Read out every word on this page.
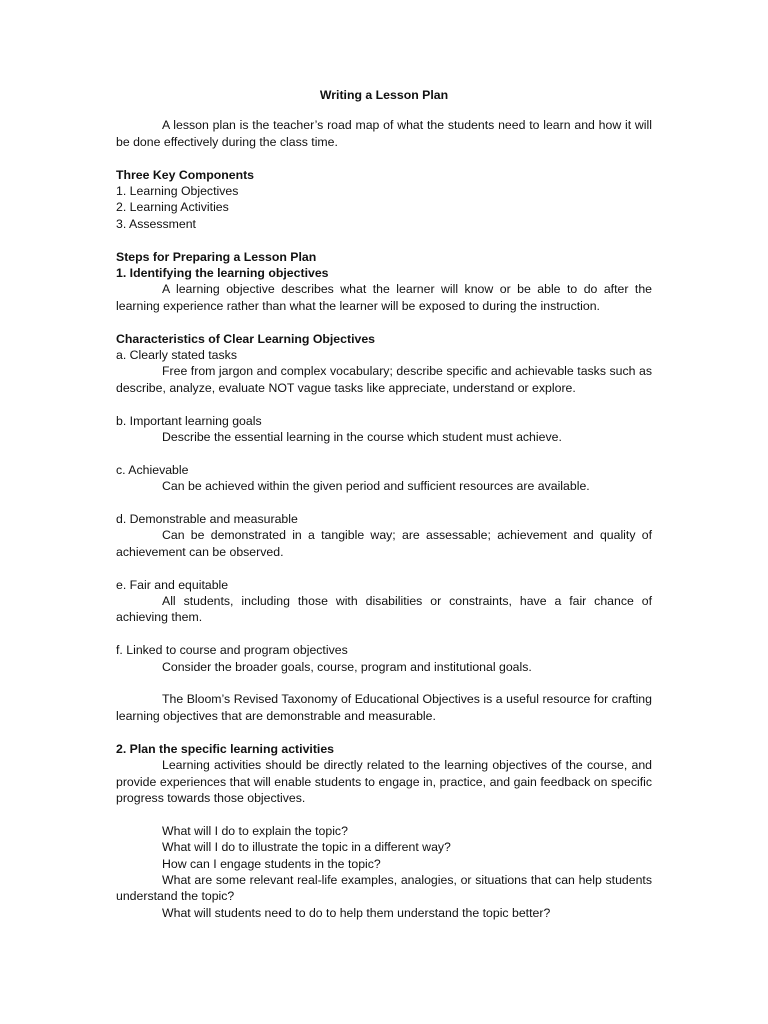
Writing a Lesson Plan

A lesson plan is the teacher’s road map of what the students need to learn and how it will be done effectively during the class time.

Three Key Components

1. Learning Objectives

2. Learning Activities

3. Assessment

Steps for Preparing a Lesson Plan

1. Identifying the learning objectives

A learning objective describes what the learner will know or be able to do after the learning experience rather than what the learner will be exposed to during the instruction.

Characteristics of Clear Learning Objectives

a. Clearly stated tasks

Free from jargon and complex vocabulary; describe specific and achievable tasks such as describe, analyze, evaluate NOT vague tasks like appreciate, understand or explore.

b. Important learning goals

Describe the essential learning in the course which student must achieve.

c. Achievable

Can be achieved within the given period and sufficient resources are available.

d. Demonstrable and measurable

Can be demonstrated in a tangible way; are assessable; achievement and quality of achievement can be observed.

e. Fair and equitable

All students, including those with disabilities or constraints, have a fair chance of achieving them.

f. Linked to course and program objectives

Consider the broader goals, course, program and institutional goals.

The Bloom’s Revised Taxonomy of Educational Objectives is a useful resource for crafting learning objectives that are demonstrable and measurable.

2. Plan the specific learning activities

Learning activities should be directly related to the learning objectives of the course, and provide experiences that will enable students to engage in, practice, and gain feedback on specific progress towards those objectives.

What will I do to explain the topic?

What will I do to illustrate the topic in a different way?

How can I engage students in the topic?

What are some relevant real-life examples, analogies, or situations that can help students understand the topic?

What will students need to do to help them understand the topic better?
